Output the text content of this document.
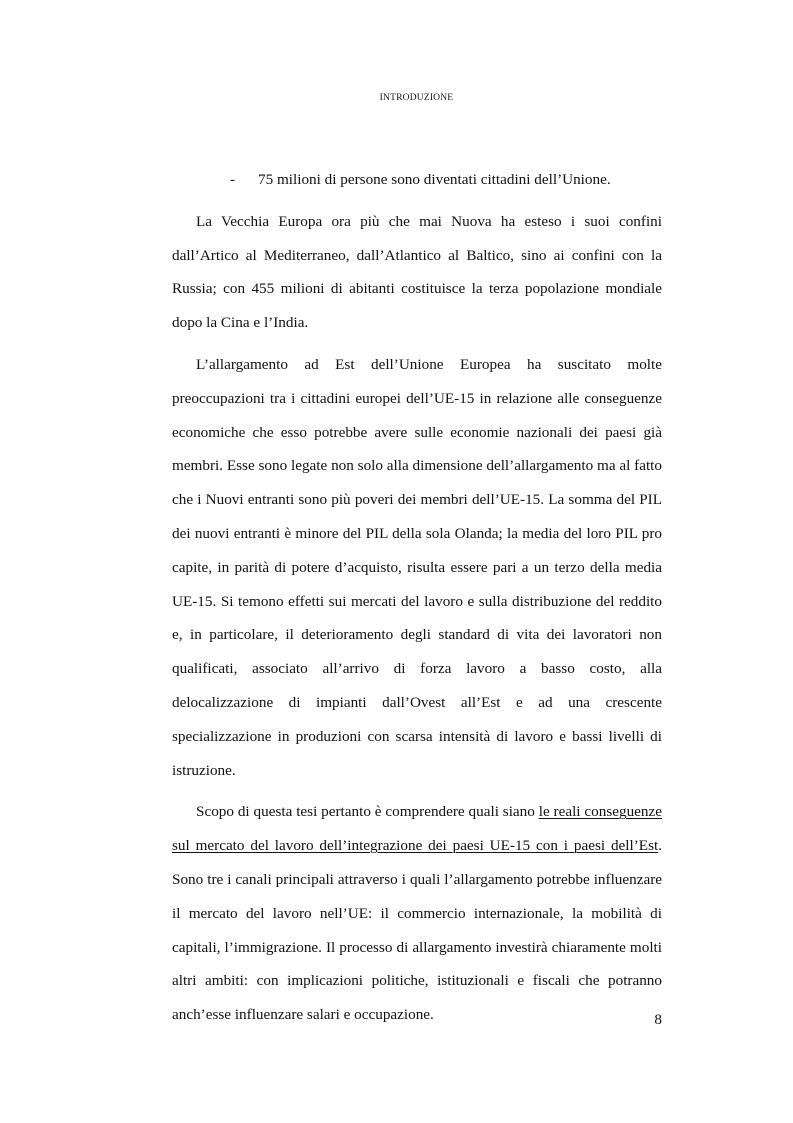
INTRODUZIONE
- 75 milioni di persone sono diventati cittadini dell’Unione.

La Vecchia Europa ora più che mai Nuova ha esteso i suoi confini dall’Artico al Mediterraneo, dall’Atlantico al Baltico, sino ai confini con la Russia; con 455 milioni di abitanti costituisce la terza popolazione mondiale dopo la Cina e l’India.

L’allargamento ad Est dell’Unione Europea ha suscitato molte preoccupazioni tra i cittadini europei dell’UE-15 in relazione alle conseguenze economiche che esso potrebbe avere sulle economie nazionali dei paesi già membri. Esse sono legate non solo alla dimensione dell’allargamento ma al fatto che i Nuovi entranti sono più poveri dei membri dell’UE-15. La somma del PIL dei nuovi entranti è minore del PIL della sola Olanda; la media del loro PIL pro capite, in parità di potere d’acquisto, risulta essere pari a un terzo della media UE-15. Si temono effetti sui mercati del lavoro e sulla distribuzione del reddito e, in particolare, il deterioramento degli standard di vita dei lavoratori non qualificati, associato all’arrivo di forza lavoro a basso costo, alla delocalizzazione di impianti dall’Ovest all’Est e ad una crescente specializzazione in produzioni con scarsa intensità di lavoro e bassi livelli di istruzione.

Scopo di questa tesi pertanto è comprendere quali siano le reali conseguenze sul mercato del lavoro dell’integrazione dei paesi UE-15 con i paesi dell’Est. Sono tre i canali principali attraverso i quali l’allargamento potrebbe influenzare il mercato del lavoro nell’UE: il commercio internazionale, la mobilità di capitali, l’immigrazione. Il processo di allargamento investirà chiaramente molti altri ambiti: con implicazioni politiche, istituzionali e fiscali che potranno anch’esse influenzare salari e occupazione.	8
